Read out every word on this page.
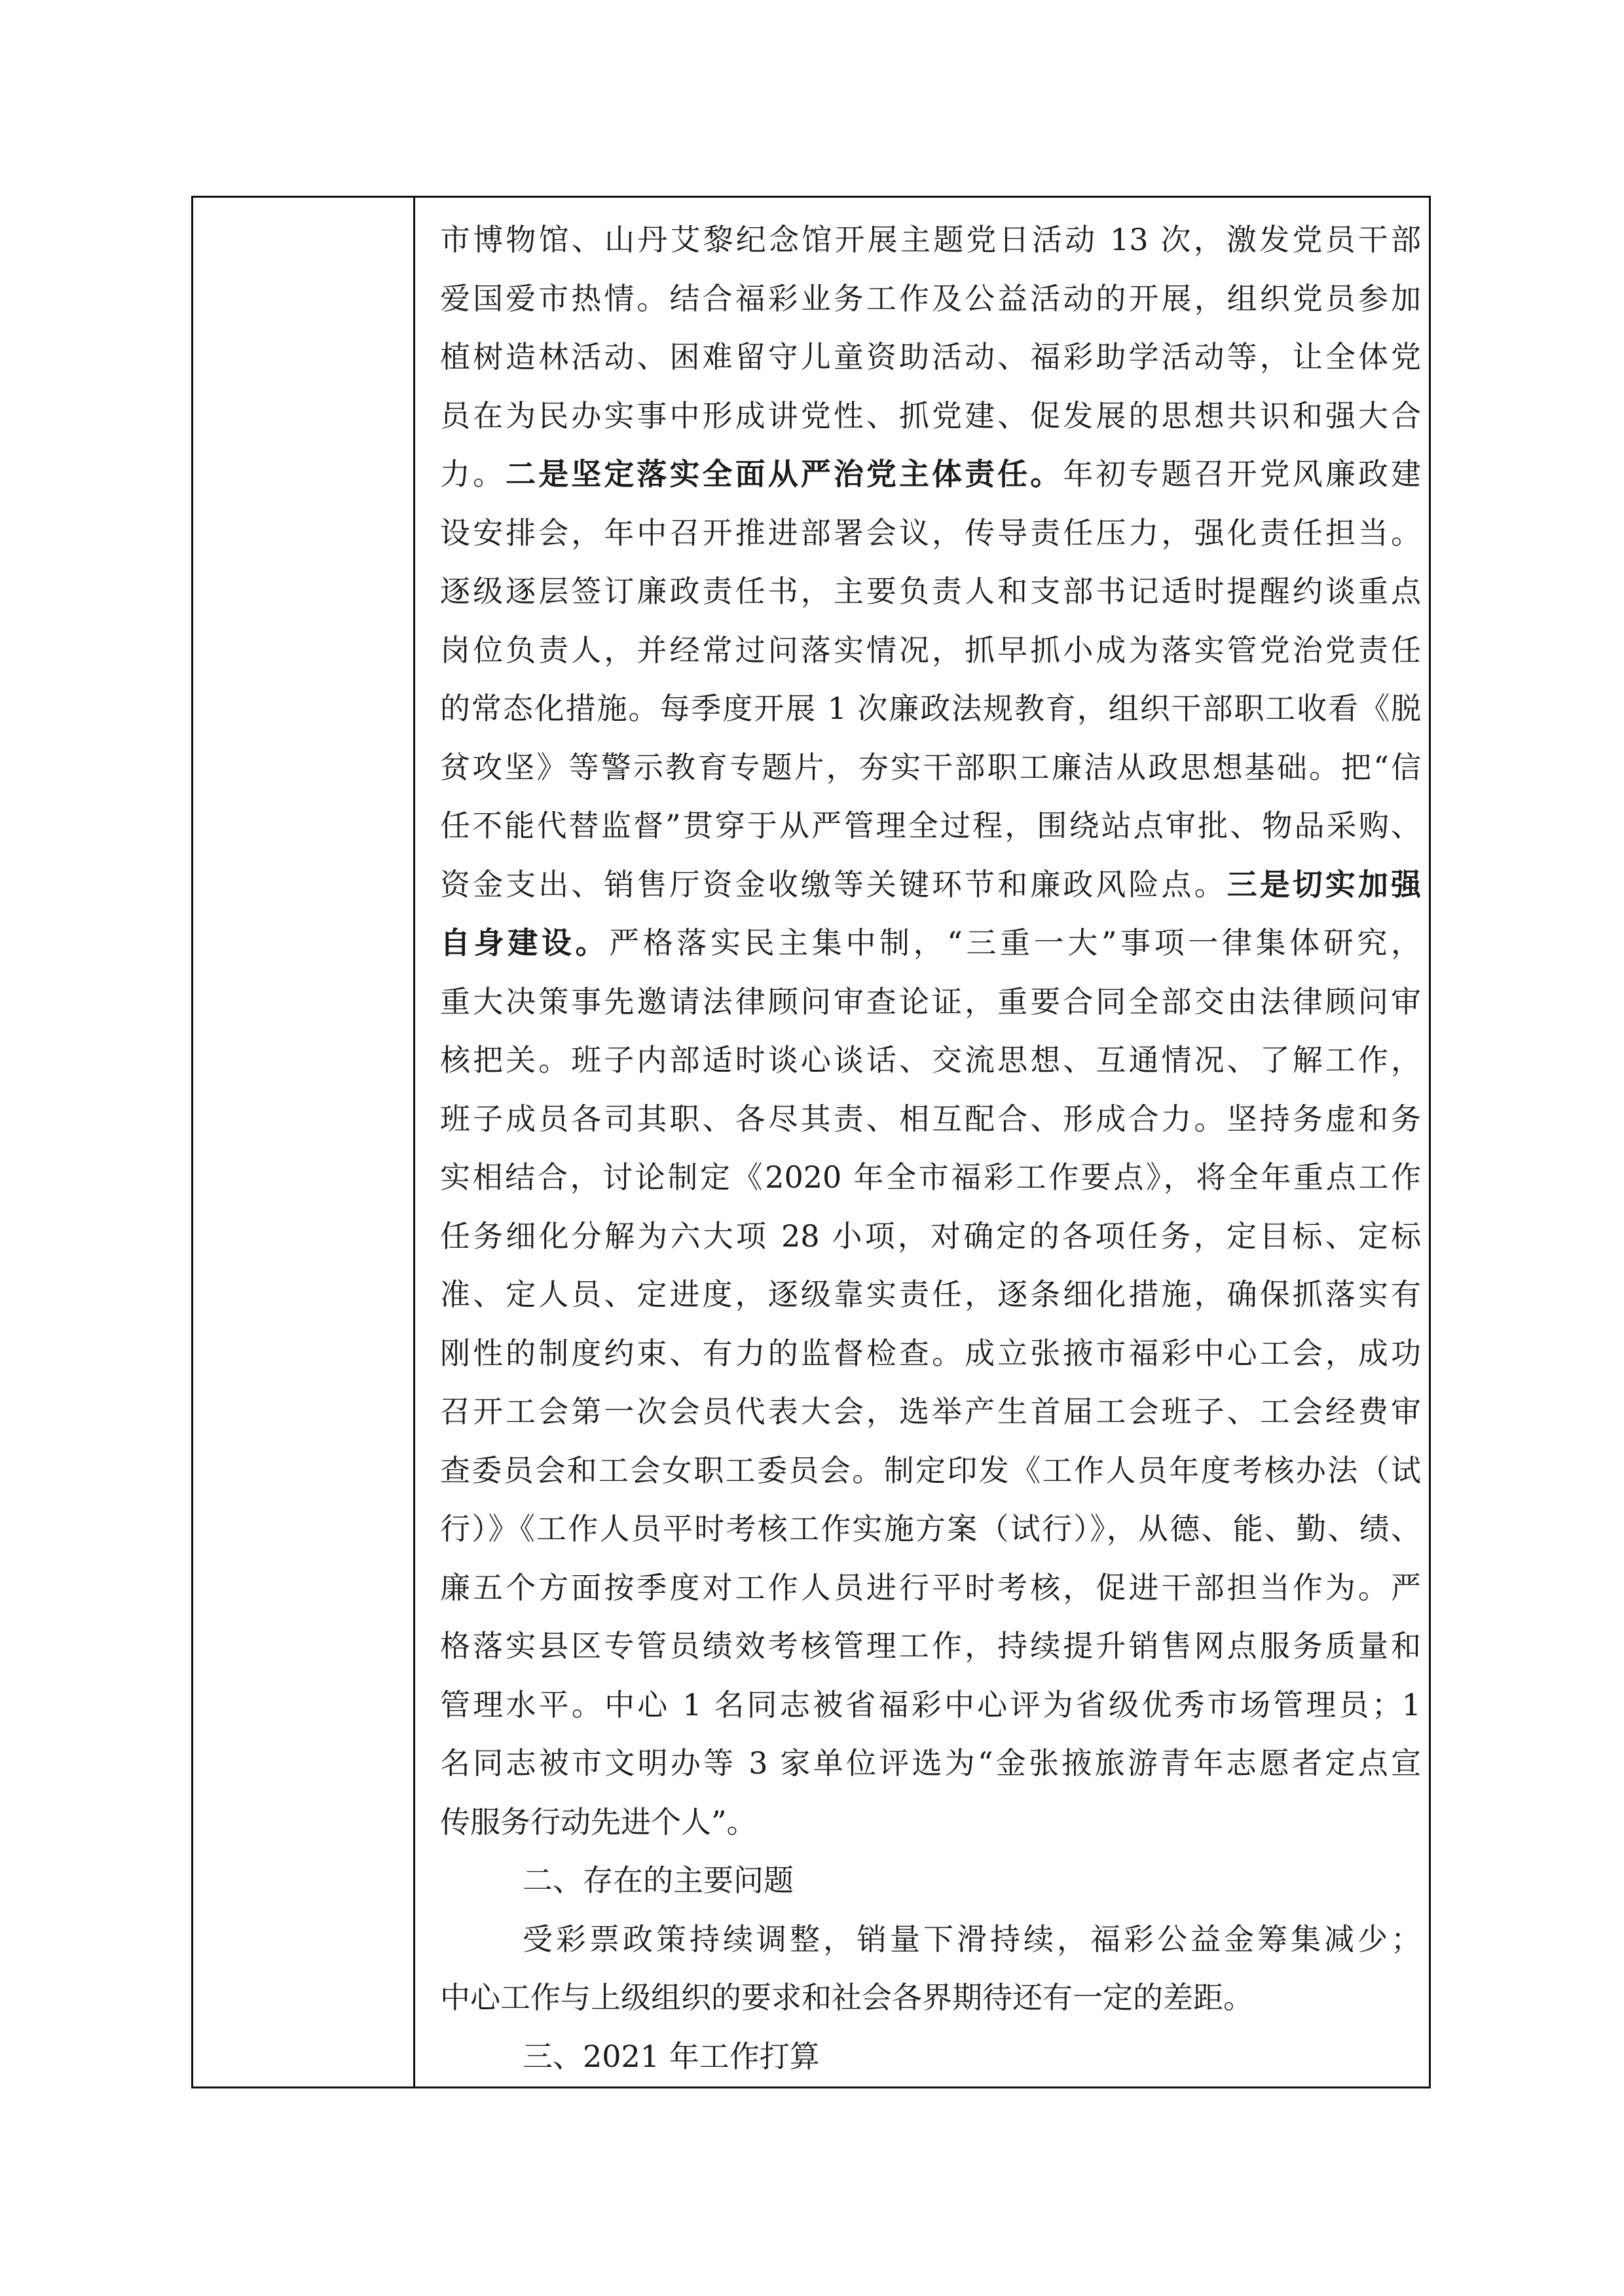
市博物馆、山丹艾黎纪念馆开展主题党日活动 13 次，激发党员干部
爱国爱市热情。结合福彩业务工作及公益活动的开展，组织党员参加
植树造林活动、困难留守儿童资助活动、福彩助学活动等，让全体党
员在为民办实事中形成讲党性、抓党建、促发展的思想共识和强大合
力。二是坚定落实全面从严治党主体责任。年初专题召开党风廉政建
设安排会，年中召开推进部署会议，传导责任压力，强化责任担当。
逐级逐层签订廉政责任书，主要负责人和支部书记适时提醒约谈重点
岗位负责人，并经常过问落实情况，抓早抓小成为落实管党治党责任
的常态化措施。每季度开展 1 次廉政法规教育，组织干部职工收看《脱
贫攻坚》等警示教育专题片，夯实干部职工廉洁从政思想基础。把“信
任不能代替监督”贯穿于从严管理全过程，围绕站点审批、物品采购、
资金支出、销售厅资金收缴等关键环节和廉政风险点。三是切实加强
自身建设。严格落实民主集中制，“三重一大”事项一律集体研究，
重大决策事先邀请法律顾问审查论证，重要合同全部交由法律顾问审
核把关。班子内部适时谈心谈话、交流思想、互通情况、了解工作，
班子成员各司其职、各尽其责、相互配合、形成合力。坚持务虚和务
实相结合，讨论制定《2020 年全市福彩工作要点》，将全年重点工作
任务细化分解为六大项 28 小项，对确定的各项任务，定目标、定标
准、定人员、定进度，逐级靠实责任，逐条细化措施，确保抓落实有
刚性的制度约束、有力的监督检查。成立张掖市福彩中心工会，成功
召开工会第一次会员代表大会，选举产生首届工会班子、工会经费审
查委员会和工会女职工委员会。制定印发《工作人员年度考核办法（试
行）》《工作人员平时考核工作实施方案（试行）》，从德、能、勤、绩、
廉五个方面按季度对工作人员进行平时考核，促进干部担当作为。严
格落实县区专管员绩效考核管理工作，持续提升销售网点服务质量和
管理水平。中心 1 名同志被省福彩中心评为省级优秀市场管理员；1
名同志被市文明办等 3 家单位评选为“金张掖旅游青年志愿者定点宣
传服务行动先进个人”。
二、存在的主要问题
受彩票政策持续调整，销量下滑持续，福彩公益金筹集减少；
中心工作与上级组织的要求和社会各界期待还有一定的差距。
三、2021 年工作打算
